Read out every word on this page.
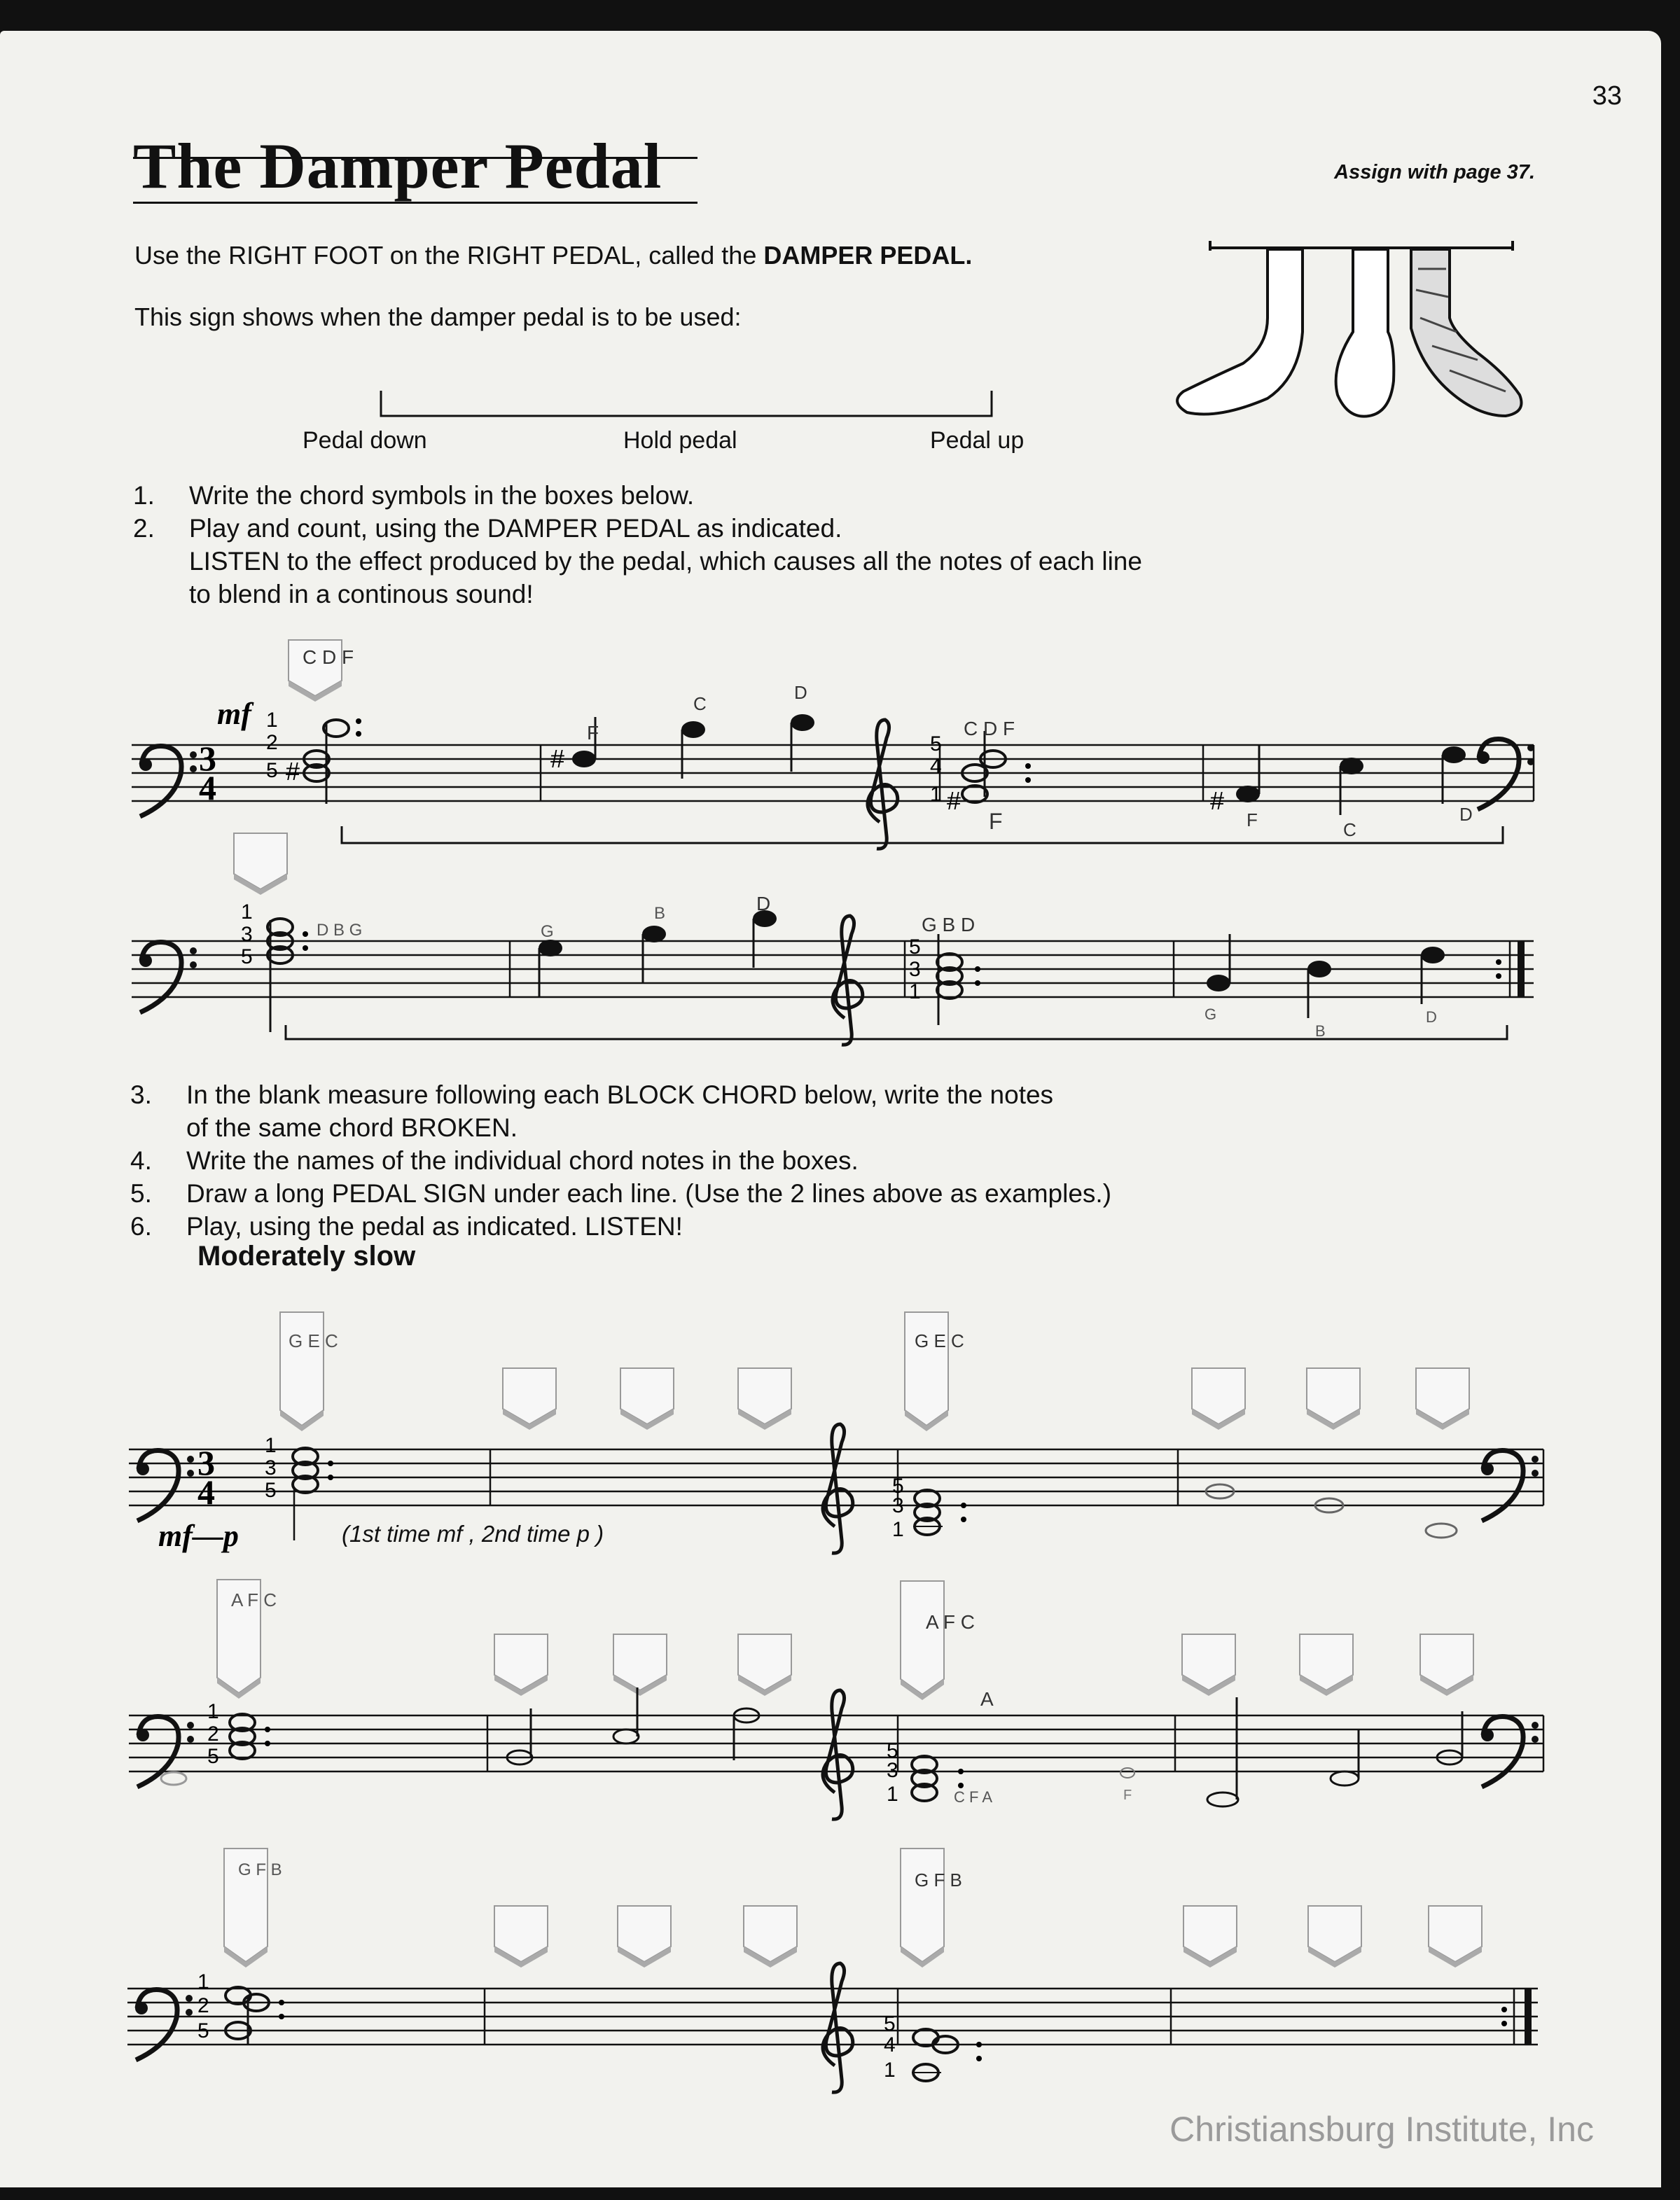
33
The Damper Pedal	Assign with page 37.
Use the RIGHT FOOT on the RIGHT PEDAL, called the DAMPER PEDAL.
This sign shows when the damper pedal is to be used:
Pedal down	Hold pedal	Pedal up
1. Write the chord symbols in the boxes below.
2. Play and count, using the DAMPER PEDAL as indicated.
LISTEN to the effect produced by the pedal, which causes all the notes of each line
to blend in a continous sound!
3. In the blank measure following each BLOCK CHORD below, write the notes
of the same chord BROKEN.
4. Write the names of the individual chord notes in the boxes.
5. Draw a long PEDAL SIGN under each line. (Use the 2 lines above as examples.)
6. Play, using the pedal as indicated. LISTEN!
Moderately slow
(1st time mf , 2nd time p )
3
4
mf 1
2
5 #
C D F
#
F
C
D
5
4
1 #
C D F
F
#
F	C
D
1
3
5
D B G	G
B	D
5
3
1
G B D
G
B
D
3
4
mf—p
G E C
1
3
5
G E C
5
3
1
A F C
1
2
5
A F C
A
5
3
1	C F A	F
G F B
1
2
5
G F B
5
4
1
Christiansburg Institute, Inc
